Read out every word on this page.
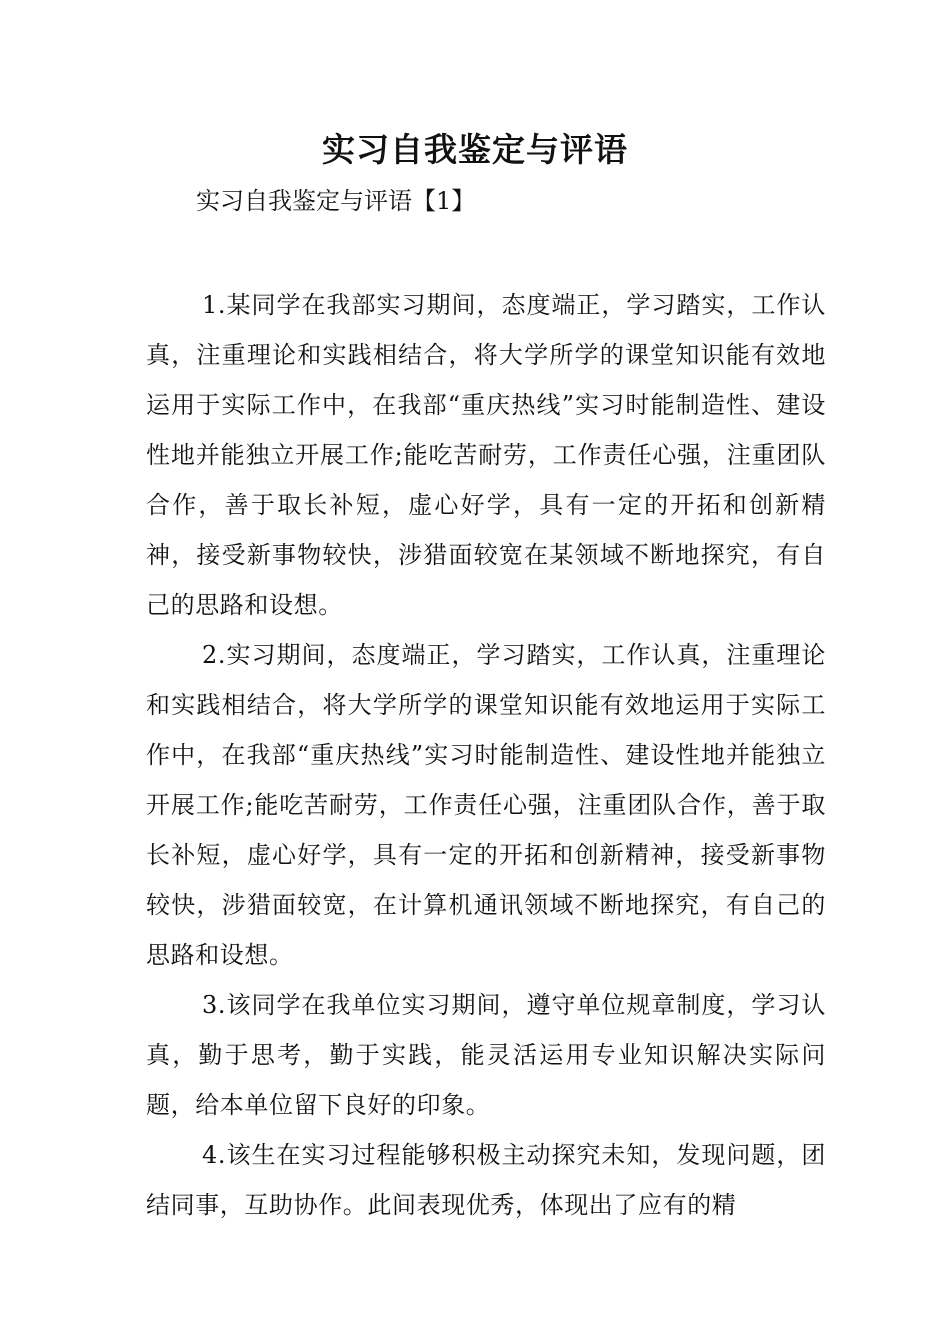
实习自我鉴定与评语
实习自我鉴定与评语【1】

1.某同学在我部实习期间，态度端正，学习踏实，工作认真，注重理论和实践相结合，将大学所学的课堂知识能有效地运用于实际工作中，在我部“重庆热线”实习时能制造性、建设性地并能独立开展工作;能吃苦耐劳，工作责任心强，注重团队合作，善于取长补短，虚心好学，具有一定的开拓和创新精神，接受新事物较快，涉猎面较宽在某领域不断地探究，有自己的思路和设想。

2.实习期间，态度端正，学习踏实，工作认真，注重理论和实践相结合，将大学所学的课堂知识能有效地运用于实际工作中，在我部“重庆热线”实习时能制造性、建设性地并能独立开展工作;能吃苦耐劳，工作责任心强，注重团队合作，善于取长补短，虚心好学，具有一定的开拓和创新精神，接受新事物较快，涉猎面较宽，在计算机通讯领域不断地探究，有自己的思路和设想。

3.该同学在我单位实习期间，遵守单位规章制度，学习认真，勤于思考，勤于实践，能灵活运用专业知识解决实际问题，给本单位留下良好的印象。

4.该生在实习过程能够积极主动探究未知，发现问题，团结同事，互助协作。此间表现优秀，体现出了应有的精
